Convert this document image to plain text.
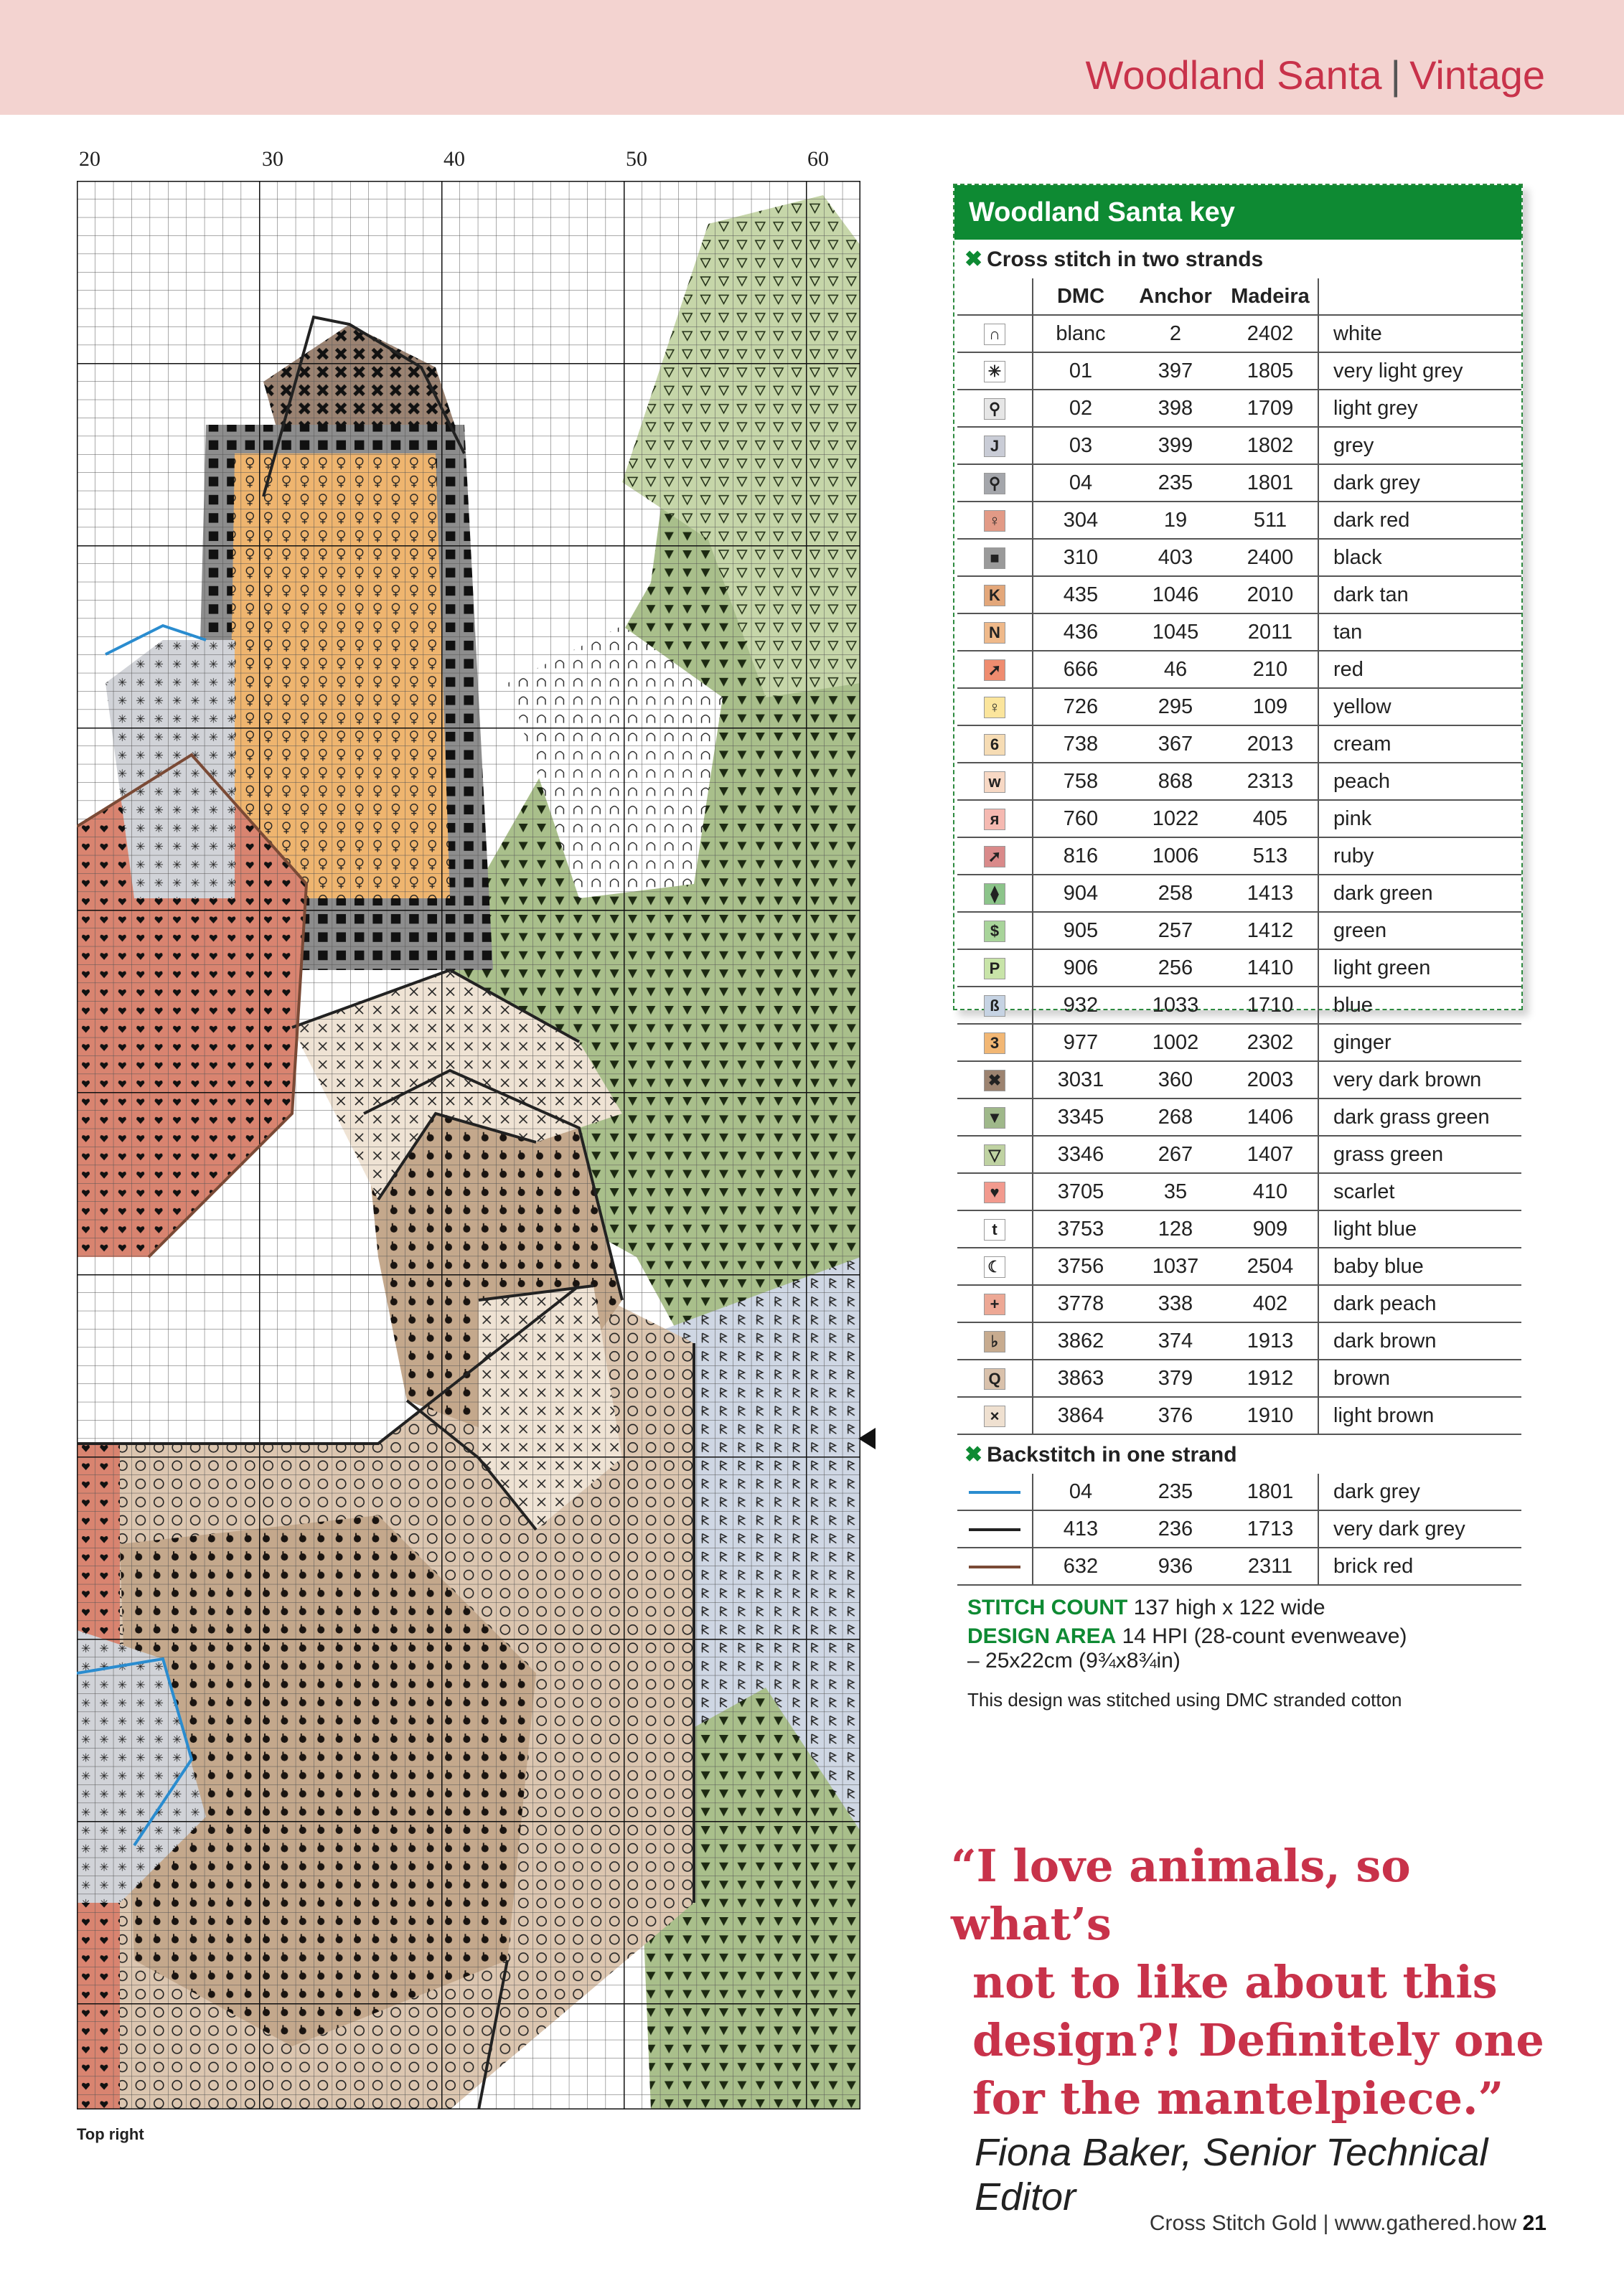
Woodland Santa | Vintage
20	30	40	50	60
Top right
Woodland Santa key
✖ Cross stitch in two strands
	DMC	Anchor	Madeira	
∩	blanc	2	2402	white
✳	01	397	1805	very light grey
⚲	02	398	1709	light grey
J	03	399	1802	grey
⚲	04	235	1801	dark grey
♀	304	19	511	dark red
■	310	403	2400	black
K	435	1046	2010	dark tan
N	436	1045	2011	tan
➚	666	46	210	red
♀	726	295	109	yellow
6	738	367	2013	cream
w	758	868	2313	peach
я	760	1022	405	pink
➚	816	1006	513	ruby
⧫	904	258	1413	dark green
$	905	257	1412	green
P	906	256	1410	light green
ß	932	1033	1710	blue
3	977	1002	2302	ginger
✖	3031	360	2003	very dark brown
▼	3345	268	1406	dark grass green
▽	3346	267	1407	grass green
♥	3705	35	410	scarlet
t	3753	128	909	light blue
☾	3756	1037	2504	baby blue
+	3778	338	402	dark peach
♭	3862	374	1913	dark brown
Q	3863	379	1912	brown
×	3864	376	1910	light brown
✖ Backstitch in one strand
	04	235	1801	dark grey
	413	236	1713	very dark grey
	632	936	2311	brick red
STITCH COUNT 137 high x 122 wide
DESIGN AREA 14 HPI (28-count evenweave)
– 25x22cm (9¾x8¾in)
This design was stitched using DMC stranded cotton
“I love animals, so what’s
not to like about this
design?! Definitely one
for the mantelpiece.”
Fiona Baker, Senior Technical Editor
Cross Stitch Gold | www.gathered.how 21
